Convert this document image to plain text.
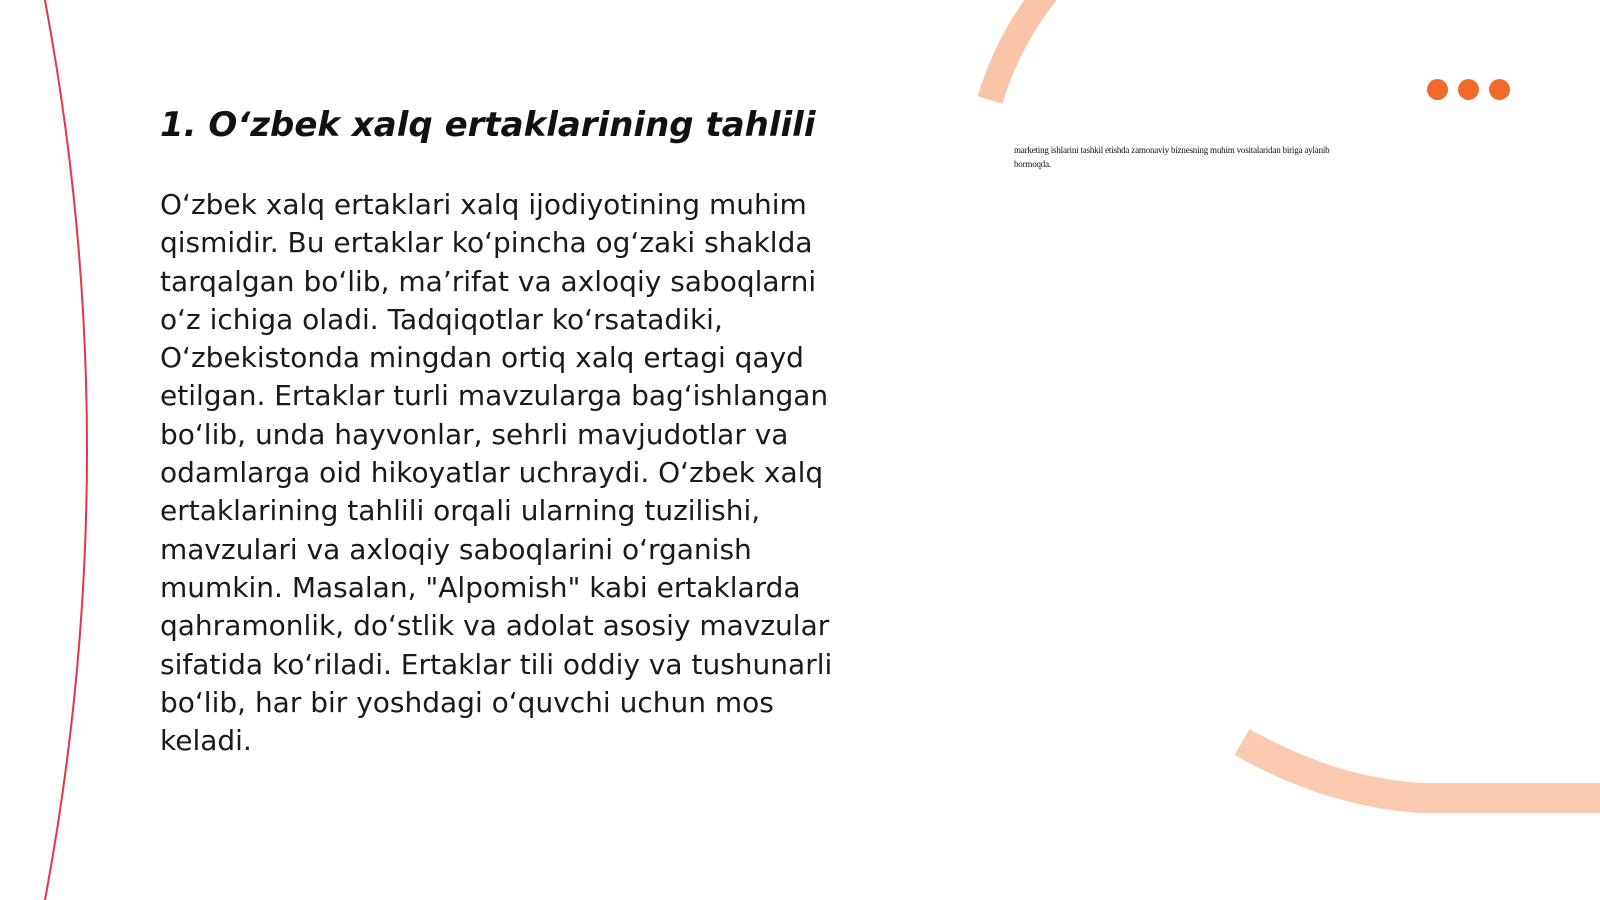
1. O‘zbek xalq ertaklarining tahlili

O‘zbek xalq ertaklari xalq ijodiyotining muhim qismidir. Bu ertaklar ko‘pincha og‘zaki shaklda tarqalgan bo‘lib, ma’rifat va axloqiy saboqlarni o‘z ichiga oladi. Tadqiqotlar ko‘rsatadiki, O‘zbekistonda mingdan ortiq xalq ertagi qayd etilgan. Ertaklar turli mavzularga bag‘ishlangan bo‘lib, unda hayvonlar, sehrli mavjudotlar va odamlarga oid hikoyatlar uchraydi. O‘zbek xalq ertaklarining tahlili orqali ularning tuzilishi, mavzulari va axloqiy saboqlarini o‘rganish mumkin. Masalan, "Alpomish" kabi ertaklarda qahramonlik, do‘stlik va adolat asosiy mavzular sifatida ko‘riladi. Ertaklar tili oddiy va tushunarli bo‘lib, har bir yoshdagi o‘quvchi uchun mos keladi.

marketing ishlarini tashkil etishda zamonaviy biznesning muhim vositalaridan biriga aylanib bormoqda.
